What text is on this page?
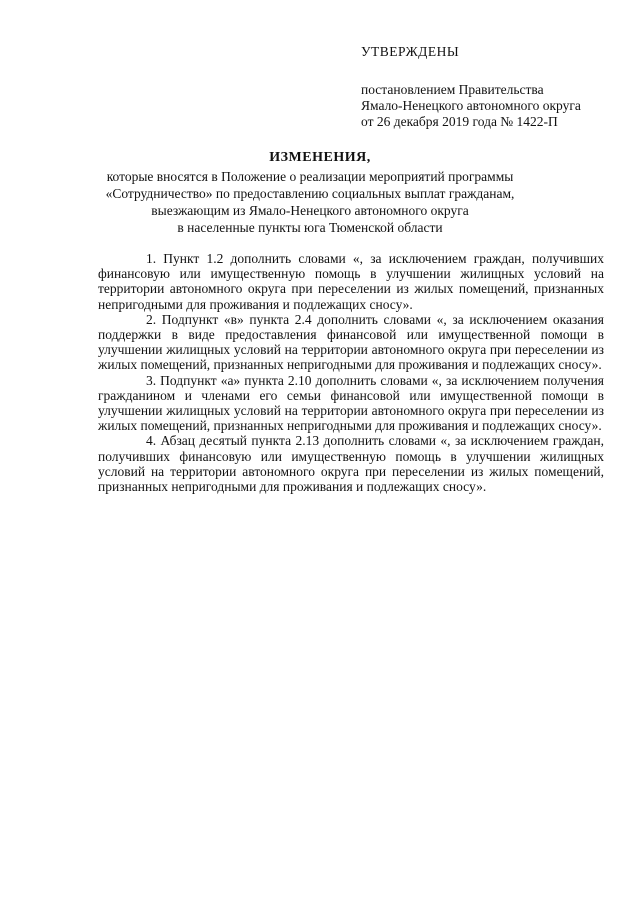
УТВЕРЖДЕНЫ
постановлением Правительства
Ямало-Ненецкого автономного округа
от 26 декабря 2019 года № 1422-П
ИЗМЕНЕНИЯ,
которые вносятся в Положение о реализации мероприятий программы
«Сотрудничество» по предоставлению социальных выплат гражданам,
выезжающим из Ямало-Ненецкого автономного округа
в населенные пункты юга Тюменской области

1. Пункт 1.2 дополнить словами «, за исключением граждан, получивших финансовую или имущественную помощь в улучшении жилищных условий на территории автономного округа при переселении из жилых помещений, признанных непригодными для проживания и подлежащих сносу».

2. Подпункт «в» пункта 2.4 дополнить словами «, за исключением оказания поддержки в виде предоставления финансовой или имущественной помощи в улучшении жилищных условий на территории автономного округа при переселении из жилых помещений, признанных непригодными для проживания и подлежащих сносу».

3. Подпункт «а» пункта 2.10 дополнить словами «, за исключением получения гражданином и членами его семьи финансовой или имущественной помощи в улучшении жилищных условий на территории автономного округа при переселении из жилых помещений, признанных непригодными для проживания и подлежащих сносу».

4. Абзац десятый пункта 2.13 дополнить словами «, за исключением граждан, получивших финансовую или имущественную помощь в улучшении жилищных условий на территории автономного округа при переселении из жилых помещений, признанных непригодными для проживания и подлежащих сносу».
